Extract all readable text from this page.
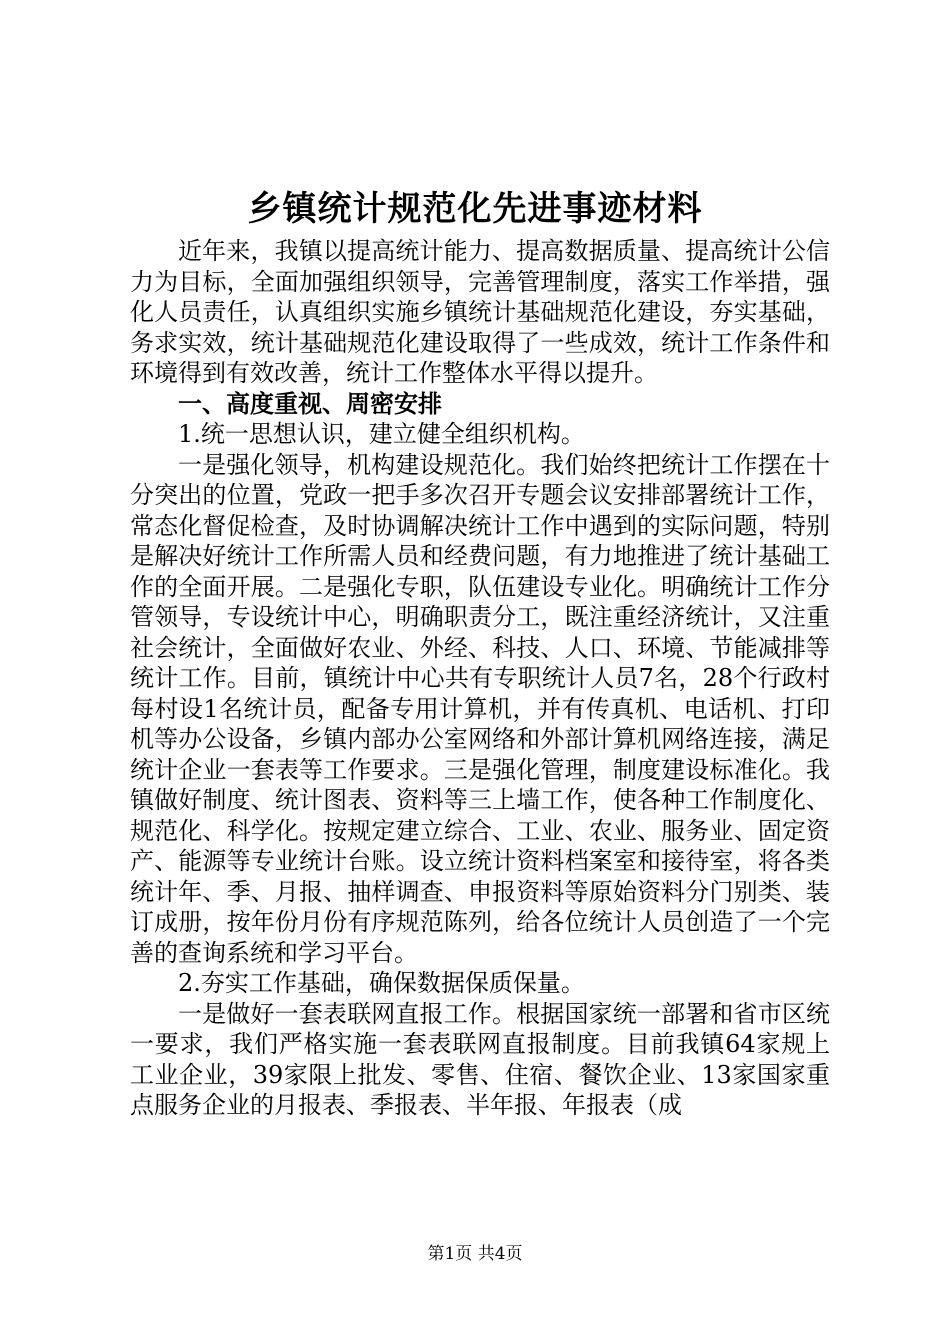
乡镇统计规范化先进事迹材料

近年来，我镇以提高统计能力、提高数据质量、提高统计公信力为目标，全面加强组织领导，完善管理制度，落实工作举措，强化人员责任，认真组织实施乡镇统计基础规范化建设，夯实基础，务求实效，统计基础规范化建设取得了一些成效，统计工作条件和环境得到有效改善，统计工作整体水平得以提升。

一、高度重视、周密安排

1.统一思想认识，建立健全组织机构。

一是强化领导，机构建设规范化。我们始终把统计工作摆在十分突出的位置，党政一把手多次召开专题会议安排部署统计工作，常态化督促检查，及时协调解决统计工作中遇到的实际问题，特别是解决好统计工作所需人员和经费问题，有力地推进了统计基础工作的全面开展。二是强化专职，队伍建设专业化。明确统计工作分管领导，专设统计中心，明确职责分工，既注重经济统计，又注重社会统计，全面做好农业、外经、科技、人口、环境、节能减排等统计工作。目前，镇统计中心共有专职统计人员7名，28个行政村每村设1名统计员，配备专用计算机，并有传真机、电话机、打印机等办公设备，乡镇内部办公室网络和外部计算机网络连接，满足统计企业一套表等工作要求。三是强化管理，制度建设标准化。我镇做好制度、统计图表、资料等三上墙工作，使各种工作制度化、规范化、科学化。按规定建立综合、工业、农业、服务业、固定资产、能源等专业统计台账。设立统计资料档案室和接待室，将各类统计年、季、月报、抽样调查、申报资料等原始资料分门别类、装订成册，按年份月份有序规范陈列，给各位统计人员创造了一个完善的查询系统和学习平台。

2.夯实工作基础，确保数据保质保量。

一是做好一套表联网直报工作。根据国家统一部署和省市区统一要求，我们严格实施一套表联网直报制度。目前我镇64家规上工业企业，39家限上批发、零售、住宿、餐饮企业、13家国家重点服务企业的月报表、季报表、半年报、年报表（成

第1页 共4页
